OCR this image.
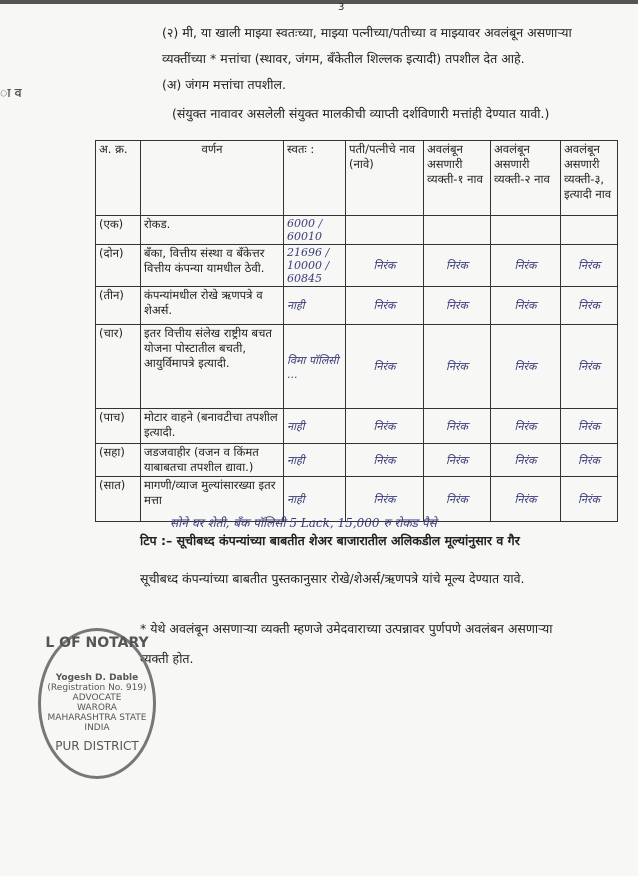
3
ा व
(२) मी, या खाली माझ्या स्वतःच्या, माझ्या पत्नीच्या/पतीच्या व माझ्यावर अवलंबून असणाऱ्या
व्यक्तींच्या * मत्तांचा (स्थावर, जंगम, बँकेतील शिल्लक इत्यादी) तपशील देत आहे.
(अ) जंगम मत्तांचा तपशील.
(संयुक्त नावावर असलेली संयुक्त मालकीची व्याप्ती दर्शविणारी मत्तांही देण्यात यावी.)
अ. क्र.	वर्णन	स्वतः :	पती/पत्नीचे नाव (नावे)	अवलंबून असणारी व्यक्ती-१ नाव	अवलंबून असणारी व्यक्ती-२ नाव	अवलंबून असणारी व्यक्ती-३, इत्यादी नाव
(एक)	रोकड.	6000 / 60010				
(दोन)	बँका, वित्तीय संस्था व बँकेत्तर वित्तीय कंपन्या यामधील ठेवी.	21696 / 10000 / 60845	निरंक	निरंक	निरंक	निरंक
(तीन)	कंपन्यांमधील रोखे ऋणपत्रे व शेअर्स.	नाही	निरंक	निरंक	निरंक	निरंक
(चार)	इतर वित्तीय संलेख राष्ट्रीय बचत योजना पोस्टातील बचती, आयुर्विमापत्रे इत्यादी.	विमा पॉलिसी ...	निरंक	निरंक	निरंक	निरंक
(पाच)	मोटार वाहने (बनावटीचा तपशील इत्यादी.	नाही	निरंक	निरंक	निरंक	निरंक
(सहा)	जडजवाहीर (वजन व किंमत याबाबतचा तपशील द्यावा.)	नाही	निरंक	निरंक	निरंक	निरंक
(सात)	मागणी/व्याज मुल्यांसारख्या इतर मत्ता	नाही	निरंक	निरंक	निरंक	निरंक
सोने घर शेती, बँक पॉलिसी 5 Lack, 15,000 रु रोकड पैसे
टिप :– सूचीबध्द कंपन्यांच्या बाबतीत शेअर बाजारातील अलिकडील मूल्यांनुसार व गैर
सूचीबध्द कंपन्यांच्या बाबतीत पुस्तकानुसार रोखे/शेअर्स/ऋणपत्रे यांचे मूल्य देण्यात यावे.
* येथे अवलंबून असणाऱ्या व्यक्ती म्हणजे उमेदवाराच्या उत्पन्नावर पुर्णपणे अवलंबन असणाऱ्या
व्यक्ती होत.
L OF NOTARY
Yogesh D. Dable
(Registration No. 919)
ADVOCATE
WARORA
MAHARASHTRA STATE
INDIA
PUR DISTRICT
